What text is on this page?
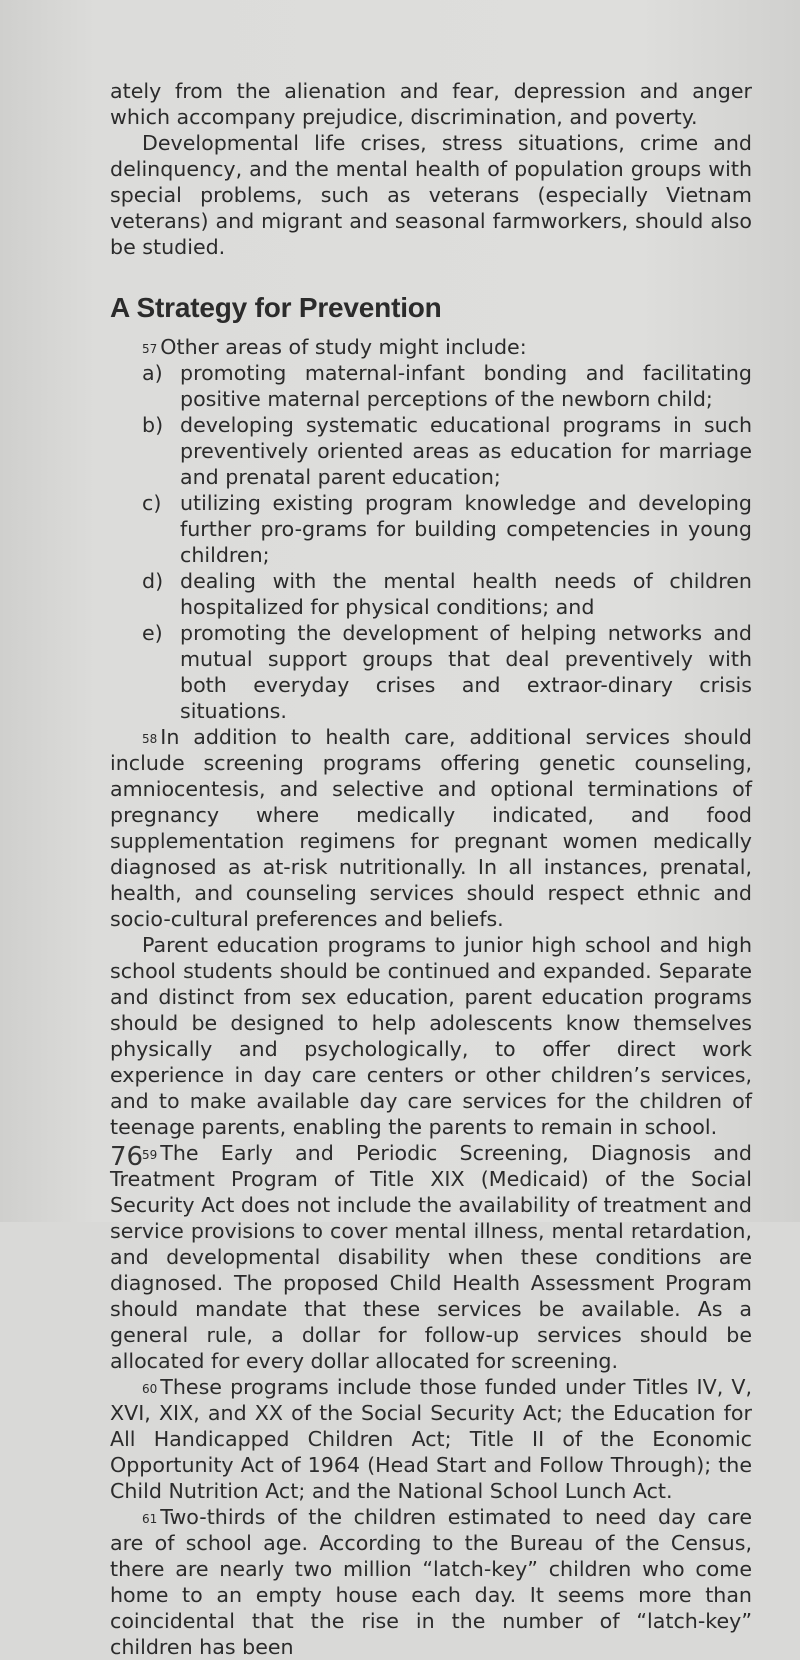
ately from the alienation and fear, depression and anger which accompany prejudice, discrimination, and poverty.

Developmental life crises, stress situations, crime and delinquency, and the mental health of population groups with special problems, such as veterans (especially Vietnam veterans) and migrant and seasonal farmworkers, should also be studied.

A Strategy for Prevention

$^{57}$ Other areas of study might include:

a) promoting maternal-infant bonding and facilitating positive maternal perceptions of the newborn child;
b) developing systematic educational programs in such preventively oriented areas as education for marriage and prenatal parent education;
c) utilizing existing program knowledge and developing further pro-grams for building competencies in young children;
d) dealing with the mental health needs of children hospitalized for physical conditions; and
e) promoting the development of helping networks and mutual support groups that deal preventively with both everyday crises and extraor-dinary crisis situations.

$^{58}$ In addition to health care, additional services should include screening programs offering genetic counseling, amniocentesis, and selective and optional terminations of pregnancy where medically indicated, and food supplementation regimens for pregnant women medically diagnosed as at-risk nutritionally. In all instances, prenatal, health, and counseling services should respect ethnic and socio-cultural preferences and beliefs.

Parent education programs to junior high school and high school students should be continued and expanded. Separate and distinct from sex education, parent education programs should be designed to help adolescents know themselves physically and psychologically, to offer direct work experience in day care centers or other children’s services, and to make available day care services for the children of teenage parents, enabling the parents to remain in school.

$^{59}$ The Early and Periodic Screening, Diagnosis and Treatment Program of Title XIX (Medicaid) of the Social Security Act does not include the availability of treatment and service provisions to cover mental illness, mental retardation, and developmental disability when these conditions are diagnosed. The proposed Child Health Assessment Program should mandate that these services be available. As a general rule, a dollar for follow-up services should be allocated for every dollar allocated for screening.

$^{60}$ These programs include those funded under Titles IV, V, XVI, XIX, and XX of the Social Security Act; the Education for All Handicapped Children Act; Title II of the Economic Opportunity Act of 1964 (Head Start and Follow Through); the Child Nutrition Act; and the National School Lunch Act.

$^{61}$ Two-thirds of the children estimated to need day care are of school age. According to the Bureau of the Census, there are nearly two million “latch-key” children who come home to an empty house each day. It seems more than coincidental that the rise in the number of “latch-key” children has been

76
